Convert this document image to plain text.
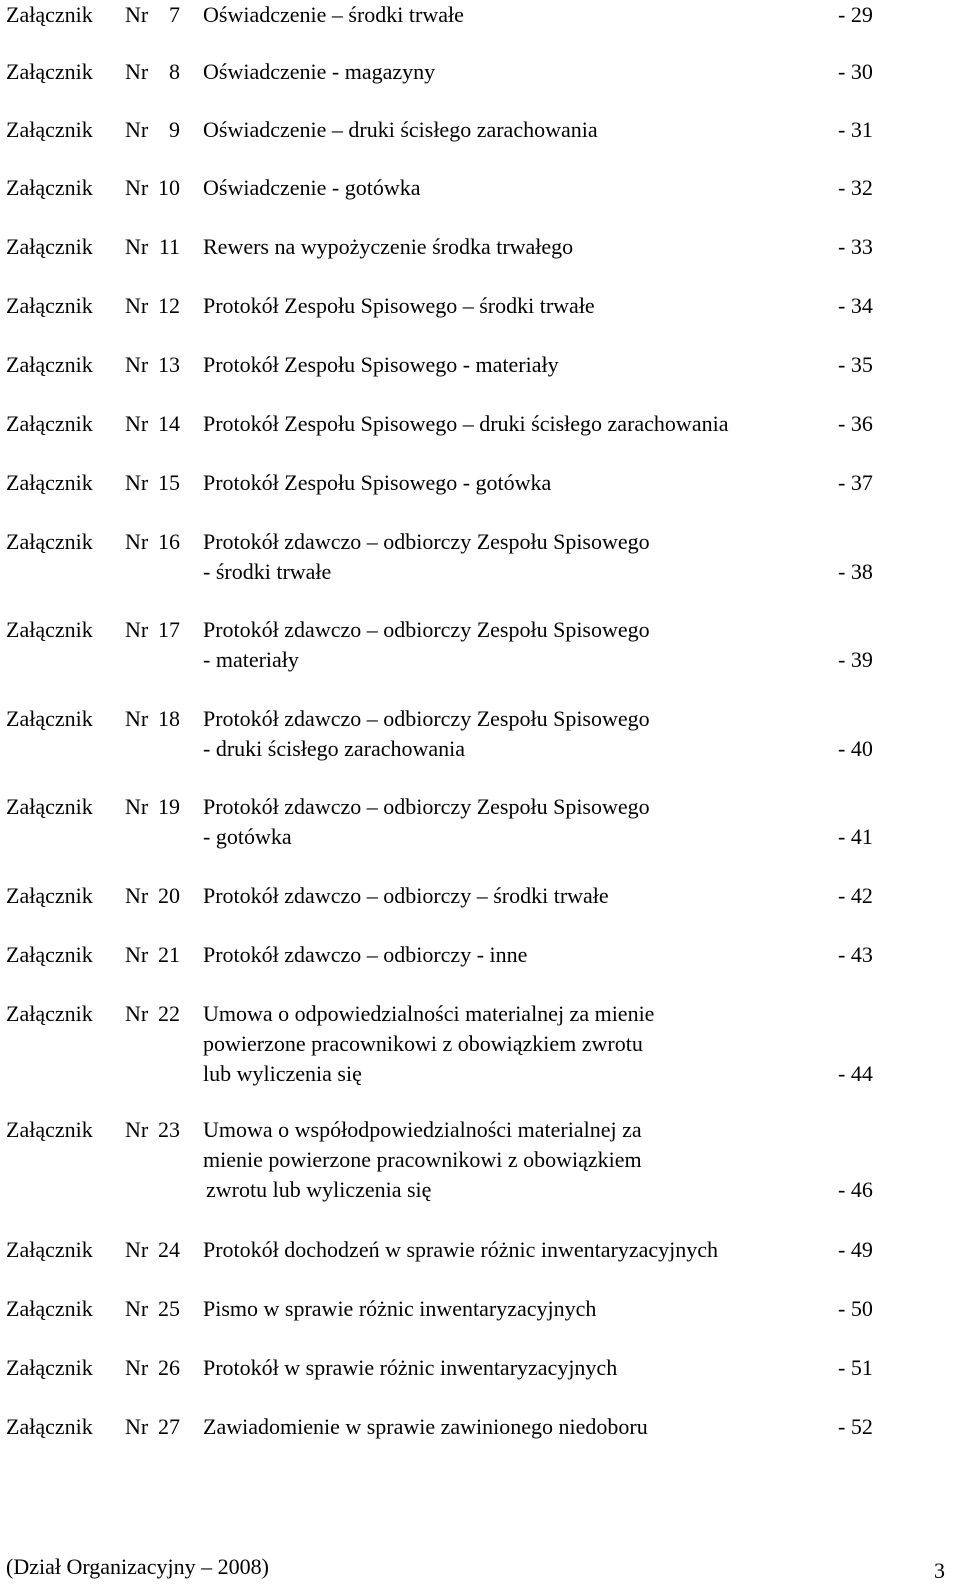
Załącznik Nr 7 Oświadczenie – środki trwałe	- 29
Załącznik Nr 8 Oświadczenie - magazyny	- 30
Załącznik Nr 9 Oświadczenie – druki ścisłego zarachowania	- 31
Załącznik Nr 10 Oświadczenie - gotówka	- 32
Załącznik Nr 11 Rewers na wypożyczenie środka trwałego	- 33
Załącznik Nr 12 Protokół Zespołu Spisowego – środki trwałe	- 34
Załącznik Nr 13 Protokół Zespołu Spisowego - materiały	- 35
Załącznik Nr 14 Protokół Zespołu Spisowego – druki ścisłego zarachowania	- 36
Załącznik Nr 15 Protokół Zespołu Spisowego - gotówka	- 37
Załącznik Nr 16 Protokół zdawczo – odbiorczy Zespołu Spisowego
- środki trwałe	- 38
Załącznik Nr 17 Protokół zdawczo – odbiorczy Zespołu Spisowego
- materiały	- 39
Załącznik Nr 18 Protokół zdawczo – odbiorczy Zespołu Spisowego
- druki ścisłego zarachowania	- 40
Załącznik Nr 19 Protokół zdawczo – odbiorczy Zespołu Spisowego
- gotówka	- 41
Załącznik Nr 20 Protokół zdawczo – odbiorczy – środki trwałe	- 42
Załącznik Nr 21 Protokół zdawczo – odbiorczy - inne	- 43
Załącznik Nr 22 Umowa o odpowiedzialności materialnej za mienie
powierzone pracownikowi z obowiązkiem zwrotu
lub wyliczenia się	- 44
Załącznik Nr 23 Umowa o współodpowiedzialności materialnej za
mienie powierzone pracownikowi z obowiązkiem
zwrotu lub wyliczenia się	- 46
Załącznik Nr 24 Protokół dochodzeń w sprawie różnic inwentaryzacyjnych	- 49
Załącznik Nr 25 Pismo w sprawie różnic inwentaryzacyjnych	- 50
Załącznik Nr 26 Protokół w sprawie różnic inwentaryzacyjnych	- 51
Załącznik Nr 27 Zawiadomienie w sprawie zawinionego niedoboru	- 52
(Dział Organizacyjny – 2008)	3
